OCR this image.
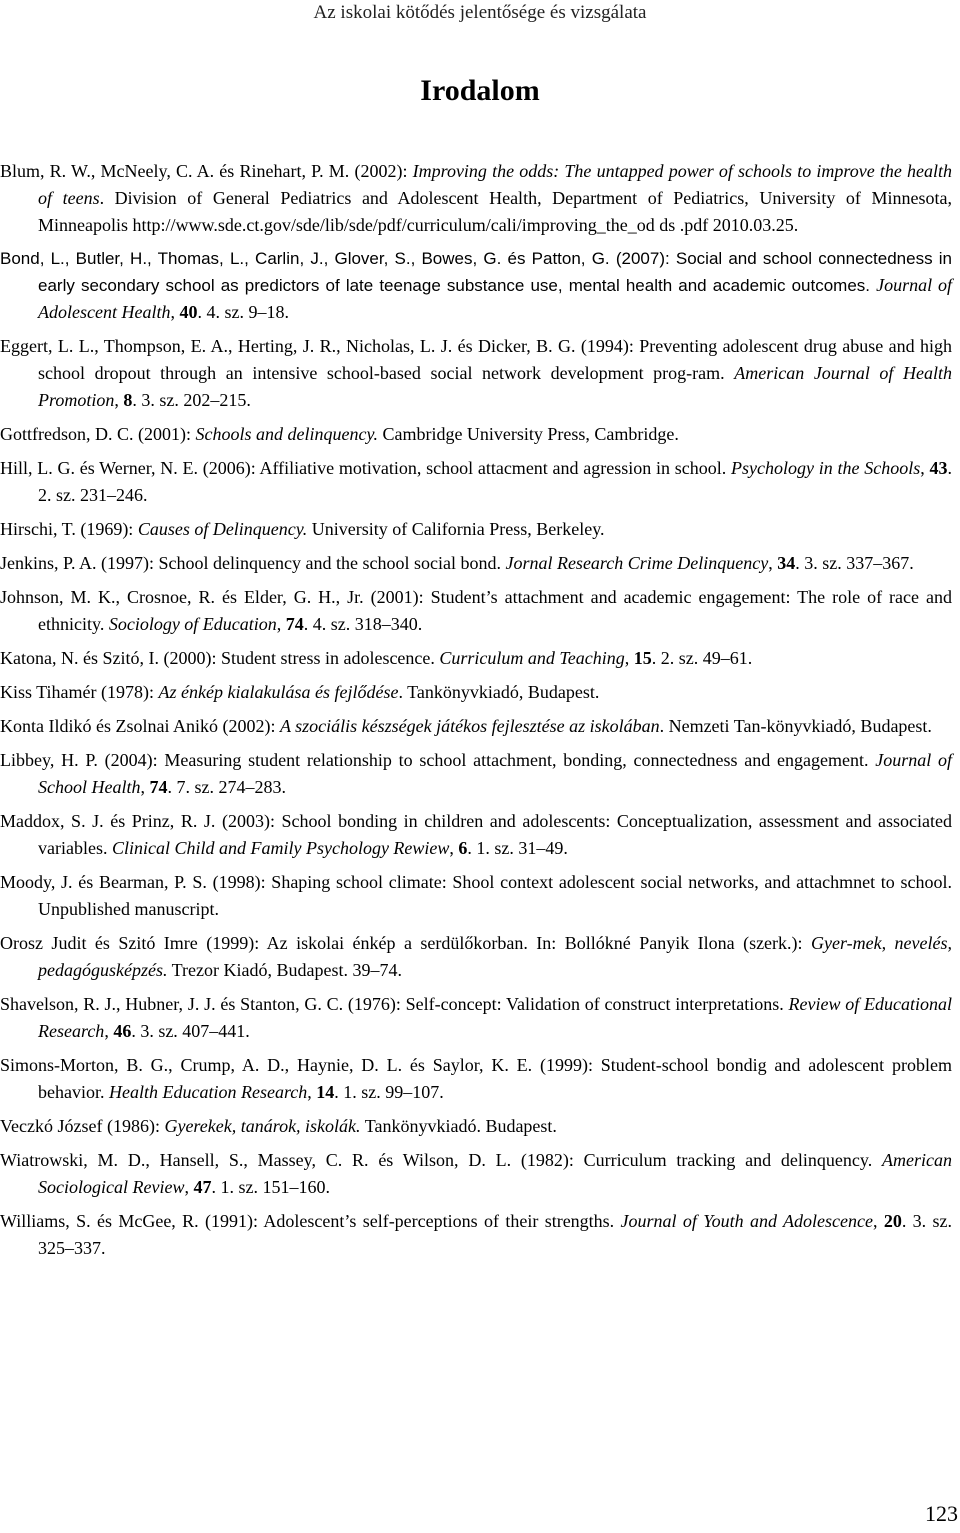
Az iskolai kötődés jelentősége és vizsgálata
Irodalom

Blum, R. W., McNeely, C. A. és Rinehart, P. M. (2002): Improving the odds: The untapped power of schools to improve the health of teens. Division of General Pediatrics and Adolescent Health, Department of Pediatrics, University of Minnesota, Minneapolis http://www.sde.ct.gov/sde/lib/sde/pdf/curriculum/cali/improving_the_od ds .pdf 2010.03.25.

Bond, L., Butler, H., Thomas, L., Carlin, J., Glover, S., Bowes, G. és Patton, G. (2007): Social and school connectedness in early secondary school as predictors of late teenage substance use, mental health and academic outcomes. Journal of Adolescent Health, 40. 4. sz. 9–18.

Eggert, L. L., Thompson, E. A., Herting, J. R., Nicholas, L. J. és Dicker, B. G. (1994): Preventing adolescent drug abuse and high school dropout through an intensive school-based social network development prog-ram. American Journal of Health Promotion, 8. 3. sz. 202–215.

Gottfredson, D. C. (2001): Schools and delinquency. Cambridge University Press, Cambridge.

Hill, L. G. és Werner, N. E. (2006): Affiliative motivation, school attacment and agression in school. Psychology in the Schools, 43. 2. sz. 231–246.

Hirschi, T. (1969): Causes of Delinquency. University of California Press, Berkeley.

Jenkins, P. A. (1997): School delinquency and the school social bond. Jornal Research Crime Delinquency, 34. 3. sz. 337–367.

Johnson, M. K., Crosnoe, R. és Elder, G. H., Jr. (2001): Student’s attachment and academic engagement: The role of race and ethnicity. Sociology of Education, 74. 4. sz. 318–340.

Katona, N. és Szitó, I. (2000): Student stress in adolescence. Curriculum and Teaching, 15. 2. sz. 49–61.

Kiss Tihamér (1978): Az énkép kialakulása és fejlődése. Tankönyvkiadó, Budapest.

Konta Ildikó és Zsolnai Anikó (2002): A szociális készségek játékos fejlesztése az iskolában. Nemzeti Tan-könyvkiadó, Budapest.

Libbey, H. P. (2004): Measuring student relationship to school attachment, bonding, connectedness and engagement. Journal of School Health, 74. 7. sz. 274–283.

Maddox, S. J. és Prinz, R. J. (2003): School bonding in children and adolescents: Conceptualization, assessment and associated variables. Clinical Child and Family Psychology Rewiew, 6. 1. sz. 31–49.

Moody, J. és Bearman, P. S. (1998): Shaping school climate: Shool context adolescent social networks, and attachmnet to school. Unpublished manuscript.

Orosz Judit és Szitó Imre (1999): Az iskolai énkép a serdülőkorban. In: Bollókné Panyik Ilona (szerk.): Gyer-mek, nevelés, pedagógusképzés. Trezor Kiadó, Budapest. 39–74.

Shavelson, R. J., Hubner, J. J. és Stanton, G. C. (1976): Self-concept: Validation of construct interpretations. Review of Educational Research, 46. 3. sz. 407–441.

Simons-Morton, B. G., Crump, A. D., Haynie, D. L. és Saylor, K. E. (1999): Student-school bondig and adolescent problem behavior. Health Education Research, 14. 1. sz. 99–107.

Veczkó József (1986): Gyerekek, tanárok, iskolák. Tankönyvkiadó. Budapest.

Wiatrowski, M. D., Hansell, S., Massey, C. R. és Wilson, D. L. (1982): Curriculum tracking and delinquency. American Sociological Review, 47. 1. sz. 151–160.

Williams, S. és McGee, R. (1991): Adolescent’s self-perceptions of their strengths. Journal of Youth and Adolescence, 20. 3. sz. 325–337.

123
